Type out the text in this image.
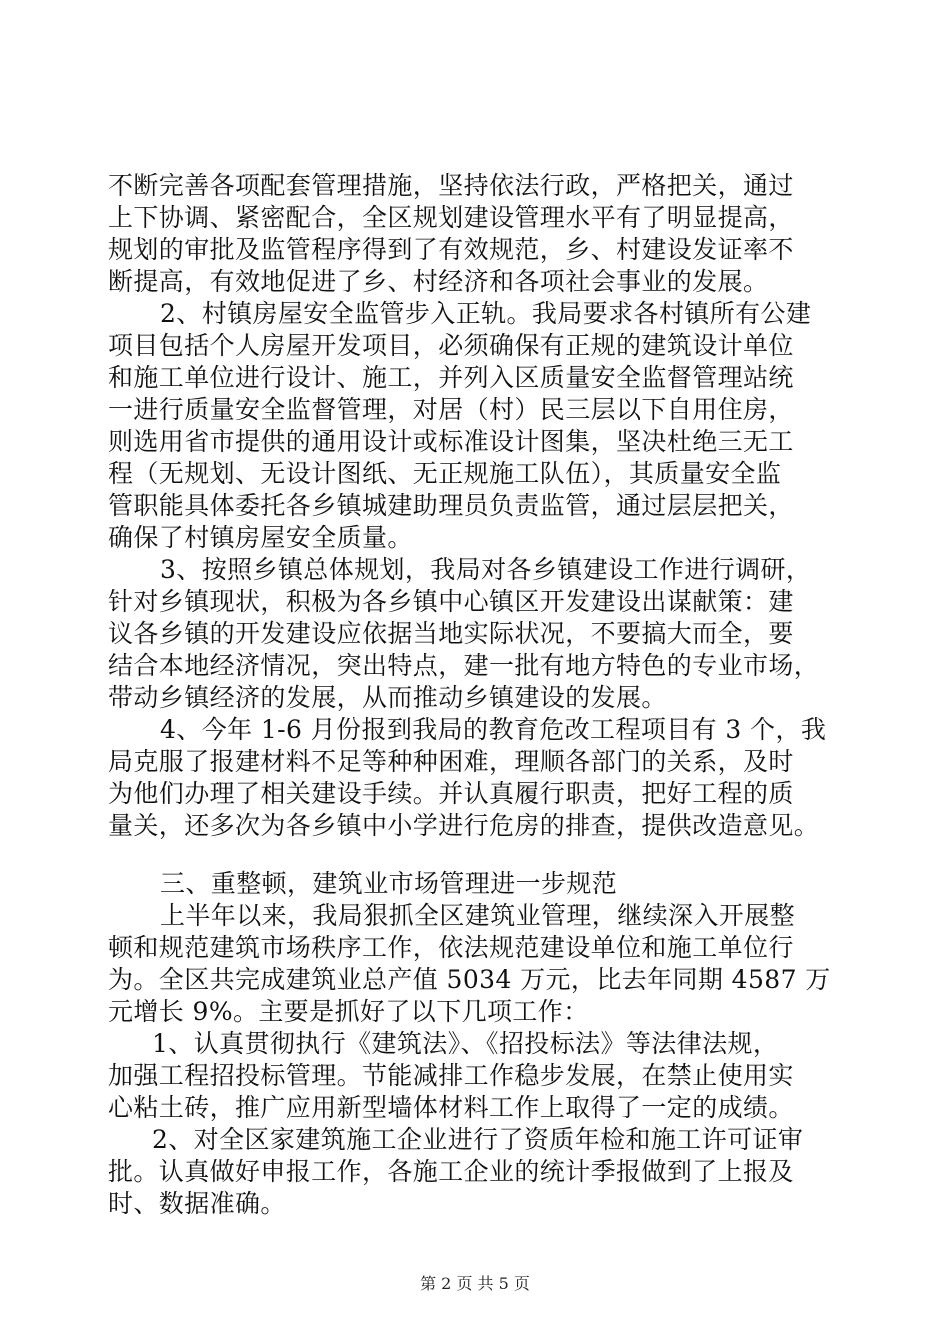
不断完善各项配套管理措施，坚持依法行政，严格把关，通过
上下协调、紧密配合，全区规划建设管理水平有了明显提高，
规划的审批及监管程序得到了有效规范，乡、村建设发证率不
断提高，有效地促进了乡、村经济和各项社会事业的发展。
2、村镇房屋安全监管步入正轨。我局要求各村镇所有公建
项目包括个人房屋开发项目，必须确保有正规的建筑设计单位
和施工单位进行设计、施工，并列入区质量安全监督管理站统
一进行质量安全监督管理，对居（村）民三层以下自用住房，
则选用省市提供的通用设计或标准设计图集，坚决杜绝三无工
程（无规划、无设计图纸、无正规施工队伍），其质量安全监
管职能具体委托各乡镇城建助理员负责监管，通过层层把关，
确保了村镇房屋安全质量。
3、按照乡镇总体规划，我局对各乡镇建设工作进行调研，
针对乡镇现状，积极为各乡镇中心镇区开发建设出谋献策：建
议各乡镇的开发建设应依据当地实际状况，不要搞大而全，要
结合本地经济情况，突出特点，建一批有地方特色的专业市场，
带动乡镇经济的发展，从而推动乡镇建设的发展。
4、今年 1-6 月份报到我局的教育危改工程项目有 3 个，我
局克服了报建材料不足等种种困难，理顺各部门的关系，及时
为他们办理了相关建设手续。并认真履行职责，把好工程的质
量关，还多次为各乡镇中小学进行危房的排查，提供改造意见。
三、重整顿，建筑业市场管理进一步规范
上半年以来，我局狠抓全区建筑业管理，继续深入开展整
顿和规范建筑市场秩序工作，依法规范建设单位和施工单位行
为。全区共完成建筑业总产值 5034 万元，比去年同期 4587 万
元增长 9%。主要是抓好了以下几项工作：
1、认真贯彻执行《建筑法》、《招投标法》等法律法规，
加强工程招投标管理。节能减排工作稳步发展，在禁止使用实
心粘土砖，推广应用新型墙体材料工作上取得了一定的成绩。
2、对全区家建筑施工企业进行了资质年检和施工许可证审
批。认真做好申报工作，各施工企业的统计季报做到了上报及
时、数据准确。
第 2 页 共 5 页
